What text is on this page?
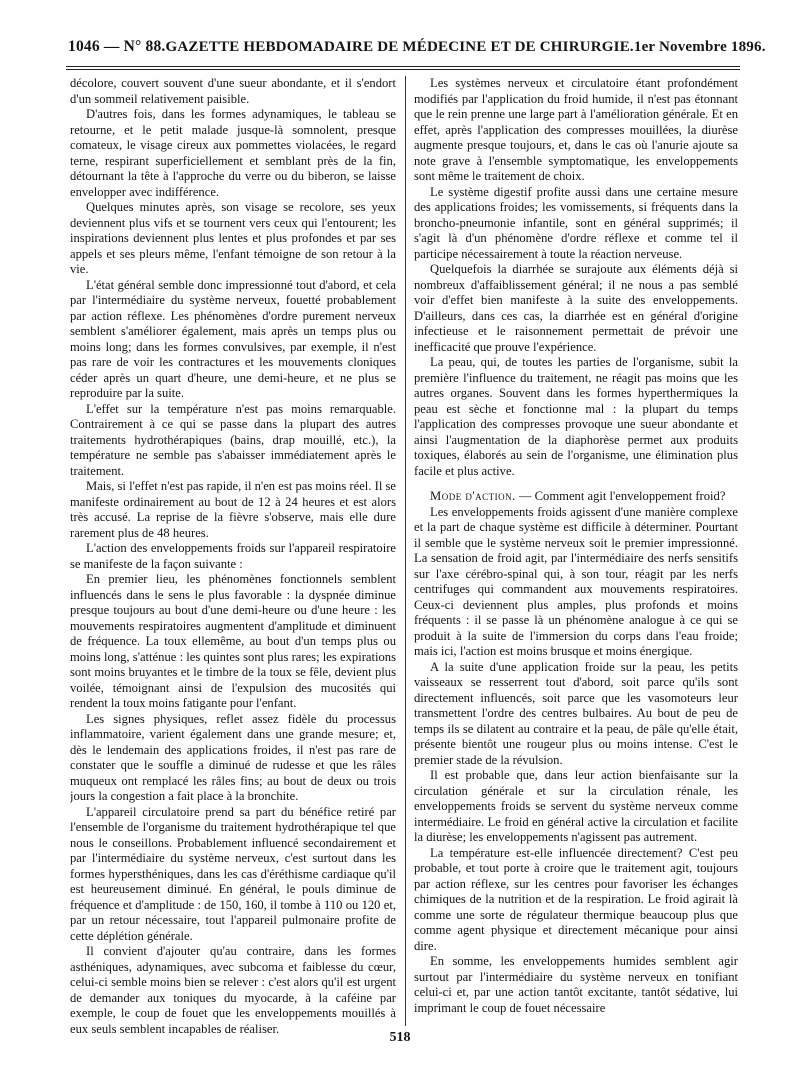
1046 — N° 88. GAZETTE HEBDOMADAIRE DE MÉDECINE ET DE CHIRURGIE. 1er Novembre 1896.

décolore, couvert souvent d'une sueur abondante, et il s'endort d'un sommeil relativement paisible.

D'autres fois, dans les formes adynamiques, le tableau se retourne, et le petit malade jusque-là somnolent, presque comateux, le visage cireux aux pommettes violacées, le regard terne, respirant superficiellement et semblant près de la fin, détournant la tête à l'approche du verre ou du biberon, se laisse envelopper avec indifférence.

Quelques minutes après, son visage se recolore, ses yeux deviennent plus vifs et se tournent vers ceux qui l'entourent; les inspirations deviennent plus lentes et plus profondes et par ses appels et ses pleurs même, l'enfant témoigne de son retour à la vie.

L'état général semble donc impressionné tout d'abord, et cela par l'intermédiaire du système nerveux, fouetté probablement par action réflexe. Les phénomènes d'ordre purement nerveux semblent s'améliorer également, mais après un temps plus ou moins long; dans les formes convulsives, par exemple, il n'est pas rare de voir les contractures et les mouvements cloniques céder après un quart d'heure, une demi-heure, et ne plus se reproduire par la suite.

L'effet sur la température n'est pas moins remarquable. Contrairement à ce qui se passe dans la plupart des autres traitements hydrothérapiques (bains, drap mouillé, etc.), la température ne semble pas s'abaisser immédiatement après le traitement.

Mais, si l'effet n'est pas rapide, il n'en est pas moins réel. Il se manifeste ordinairement au bout de 12 à 24 heures et est alors très accusé. La reprise de la fièvre s'observe, mais elle dure rarement plus de 48 heures.

L'action des enveloppements froids sur l'appareil respiratoire se manifeste de la façon suivante :

En premier lieu, les phénomènes fonctionnels semblent influencés dans le sens le plus favorable : la dyspnée diminue presque toujours au bout d'une demi-heure ou d'une heure : les mouvements respiratoires augmentent d'amplitude et diminuent de fréquence. La toux ellemême, au bout d'un temps plus ou moins long, s'atténue : les quintes sont plus rares; les expirations sont moins bruyantes et le timbre de la toux se fêle, devient plus voilée, témoignant ainsi de l'expulsion des mucosités qui rendent la toux moins fatigante pour l'enfant.

Les signes physiques, reflet assez fidèle du processus inflammatoire, varient également dans une grande mesure; et, dès le lendemain des applications froides, il n'est pas rare de constater que le souffle a diminué de rudesse et que les râles muqueux ont remplacé les râles fins; au bout de deux ou trois jours la congestion a fait place à la bronchite.

L'appareil circulatoire prend sa part du bénéfice retiré par l'ensemble de l'organisme du traitement hydrothérapique tel que nous le conseillons. Probablement influencé secondairement et par l'intermédiaire du système nerveux, c'est surtout dans les formes hypersthéniques, dans les cas d'éréthisme cardiaque qu'il est heureusement diminué. En général, le pouls diminue de fréquence et d'amplitude : de 150, 160, il tombe à 110 ou 120 et, par un retour nécessaire, tout l'appareil pulmonaire profite de cette déplétion générale.

Il convient d'ajouter qu'au contraire, dans les formes asthéniques, adynamiques, avec subcoma et faiblesse du cœur, celui-ci semble moins bien se relever : c'est alors qu'il est urgent de demander aux toniques du myocarde, à la caféine par exemple, le coup de fouet que les enveloppements mouillés à eux seuls semblent incapables de réaliser.

Les systèmes nerveux et circulatoire étant profondément modifiés par l'application du froid humide, il n'est pas étonnant que le rein prenne une large part à l'amélioration générale. Et en effet, après l'application des compresses mouillées, la diurèse augmente presque toujours, et, dans le cas où l'anurie ajoute sa note grave à l'ensemble symptomatique, les enveloppements sont même le traitement de choix.

Le système digestif profite aussi dans une certaine mesure des applications froides; les vomissements, si fréquents dans la broncho-pneumonie infantile, sont en général supprimés; il s'agit là d'un phénomène d'ordre réflexe et comme tel il participe nécessairement à toute la réaction nerveuse.

Quelquefois la diarrhée se surajoute aux éléments déjà si nombreux d'affaiblissement général; il ne nous a pas semblé voir d'effet bien manifeste à la suite des enveloppements. D'ailleurs, dans ces cas, la diarrhée est en général d'origine infectieuse et le raisonnement permettait de prévoir une inefficacité que prouve l'expérience.

La peau, qui, de toutes les parties de l'organisme, subit la première l'influence du traitement, ne réagit pas moins que les autres organes. Souvent dans les formes hyperthermiques la peau est sèche et fonctionne mal : la plupart du temps l'application des compresses provoque une sueur abondante et ainsi l'augmentation de la diaphorèse permet aux produits toxiques, élaborés au sein de l'organisme, une élimination plus facile et plus active.

Mode d'action. — Comment agit l'enveloppement froid?

Les enveloppements froids agissent d'une manière complexe et la part de chaque système est difficile à déterminer. Pourtant il semble que le système nerveux soit le premier impressionné. La sensation de froid agit, par l'intermédiaire des nerfs sensitifs sur l'axe cérébro-spinal qui, à son tour, réagit par les nerfs centrifuges qui commandent aux mouvements respiratoires. Ceux-ci deviennent plus amples, plus profonds et moins fréquents : il se passe là un phénomène analogue à ce qui se produit à la suite de l'immersion du corps dans l'eau froide; mais ici, l'action est moins brusque et moins énergique.

A la suite d'une application froide sur la peau, les petits vaisseaux se resserrent tout d'abord, soit parce qu'ils sont directement influencés, soit parce que les vasomoteurs leur transmettent l'ordre des centres bulbaires. Au bout de peu de temps ils se dilatent au contraire et la peau, de pâle qu'elle était, présente bientôt une rougeur plus ou moins intense. C'est le premier stade de la révulsion.

Il est probable que, dans leur action bienfaisante sur la circulation générale et sur la circulation rénale, les enveloppements froids se servent du système nerveux comme intermédiaire. Le froid en général active la circulation et facilite la diurèse; les enveloppements n'agissent pas autrement.

La température est-elle influencée directement? C'est peu probable, et tout porte à croire que le traitement agit, toujours par action réflexe, sur les centres pour favoriser les échanges chimiques de la nutrition et de la respiration. Le froid agirait là comme une sorte de régulateur thermique beaucoup plus que comme agent physique et directement mécanique pour ainsi dire.

En somme, les enveloppements humides semblent agir surtout par l'intermédiaire du système nerveux en tonifiant celui-ci et, par une action tantôt excitante, tantôt sédative, lui imprimant le coup de fouet nécessaire

518
